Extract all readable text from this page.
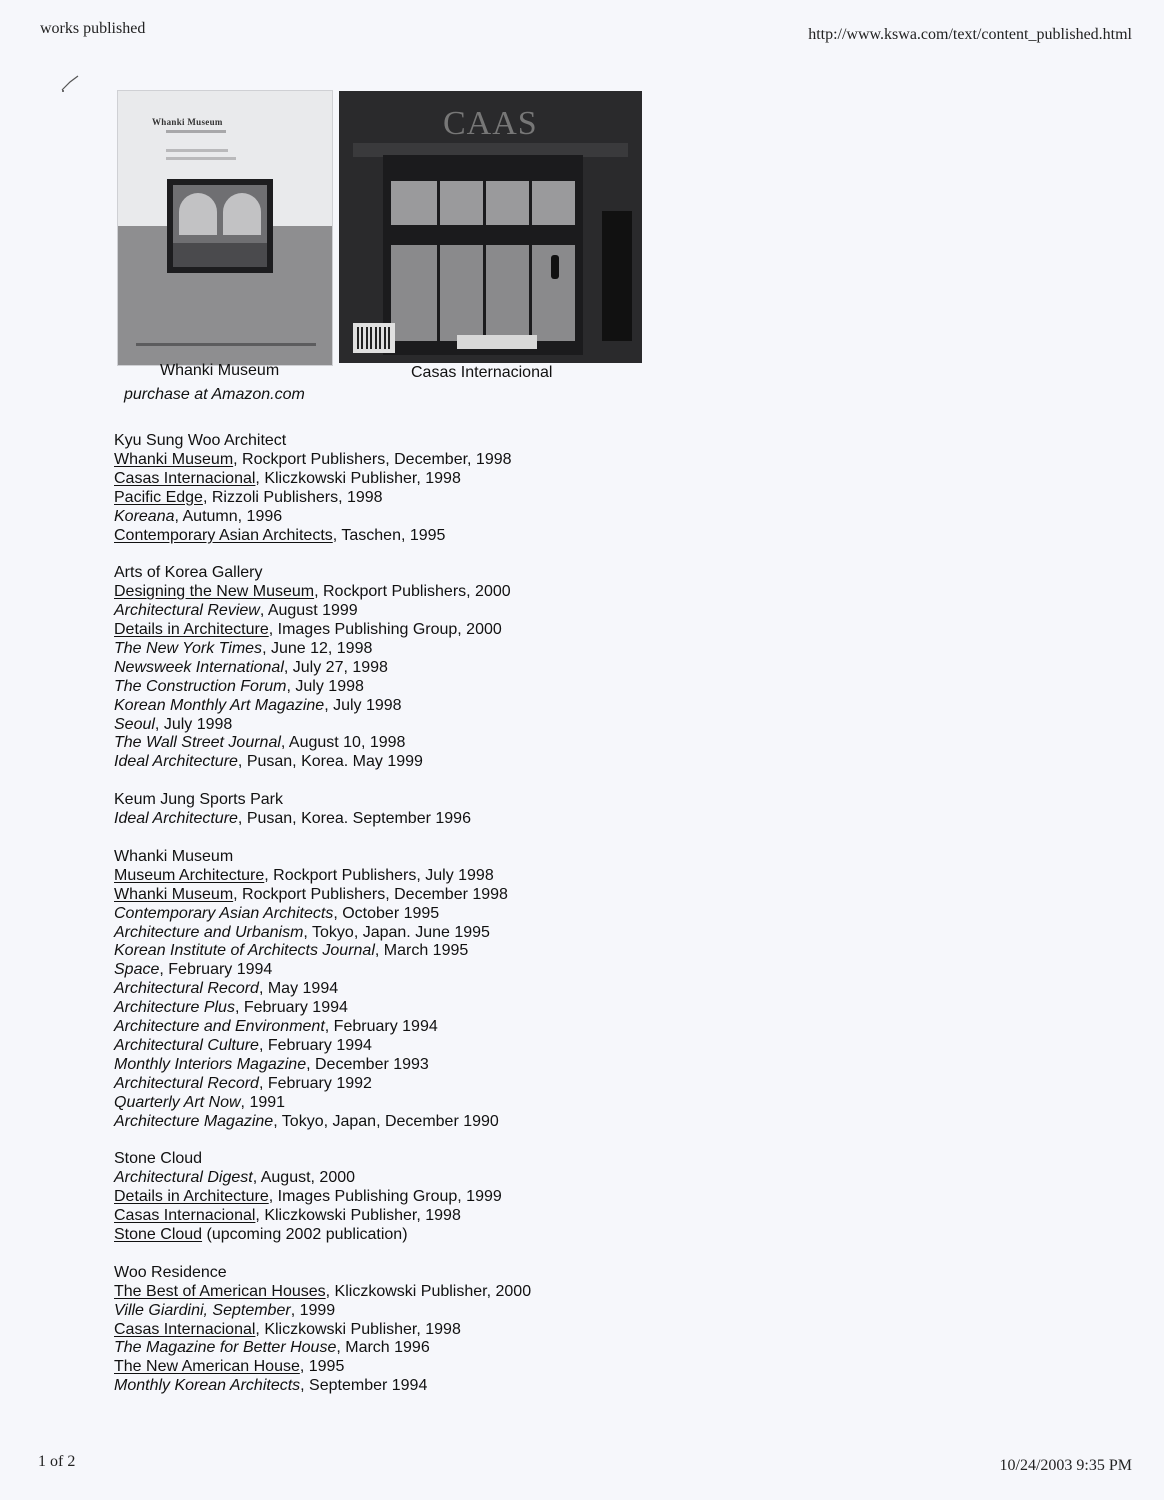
works published	http://www.kswa.com/text/content_published.html
Whanki Museum	CAAS
Whanki Museum
purchase at Amazon.com
Casas Internacional
Kyu Sung Woo Architect
Whanki Museum, Rockport Publishers, December, 1998
Casas Internacional, Kliczkowski Publisher, 1998
Pacific Edge, Rizzoli Publishers, 1998
Koreana, Autumn, 1996
Contemporary Asian Architects, Taschen, 1995
Arts of Korea Gallery
Designing the New Museum, Rockport Publishers, 2000
Architectural Review, August 1999
Details in Architecture, Images Publishing Group, 2000
The New York Times, June 12, 1998
Newsweek International, July 27, 1998
The Construction Forum, July 1998
Korean Monthly Art Magazine, July 1998
Seoul, July 1998
The Wall Street Journal, August 10, 1998
Ideal Architecture, Pusan, Korea. May 1999
Keum Jung Sports Park
Ideal Architecture, Pusan, Korea. September 1996
Whanki Museum
Museum Architecture, Rockport Publishers, July 1998
Whanki Museum, Rockport Publishers, December 1998
Contemporary Asian Architects, October 1995
Architecture and Urbanism, Tokyo, Japan. June 1995
Korean Institute of Architects Journal, March 1995
Space, February 1994
Architectural Record, May 1994
Architecture Plus, February 1994
Architecture and Environment, February 1994
Architectural Culture, February 1994
Monthly Interiors Magazine, December 1993
Architectural Record, February 1992
Quarterly Art Now, 1991
Architecture Magazine, Tokyo, Japan, December 1990
Stone Cloud
Architectural Digest, August, 2000
Details in Architecture, Images Publishing Group, 1999
Casas Internacional, Kliczkowski Publisher, 1998
Stone Cloud (upcoming 2002 publication)
Woo Residence
The Best of American Houses, Kliczkowski Publisher, 2000
Ville Giardini, September, 1999
Casas Internacional, Kliczkowski Publisher, 1998
The Magazine for Better House, March 1996
The New American House, 1995
Monthly Korean Architects, September 1994
1 of 2	10/24/2003 9:35 PM
